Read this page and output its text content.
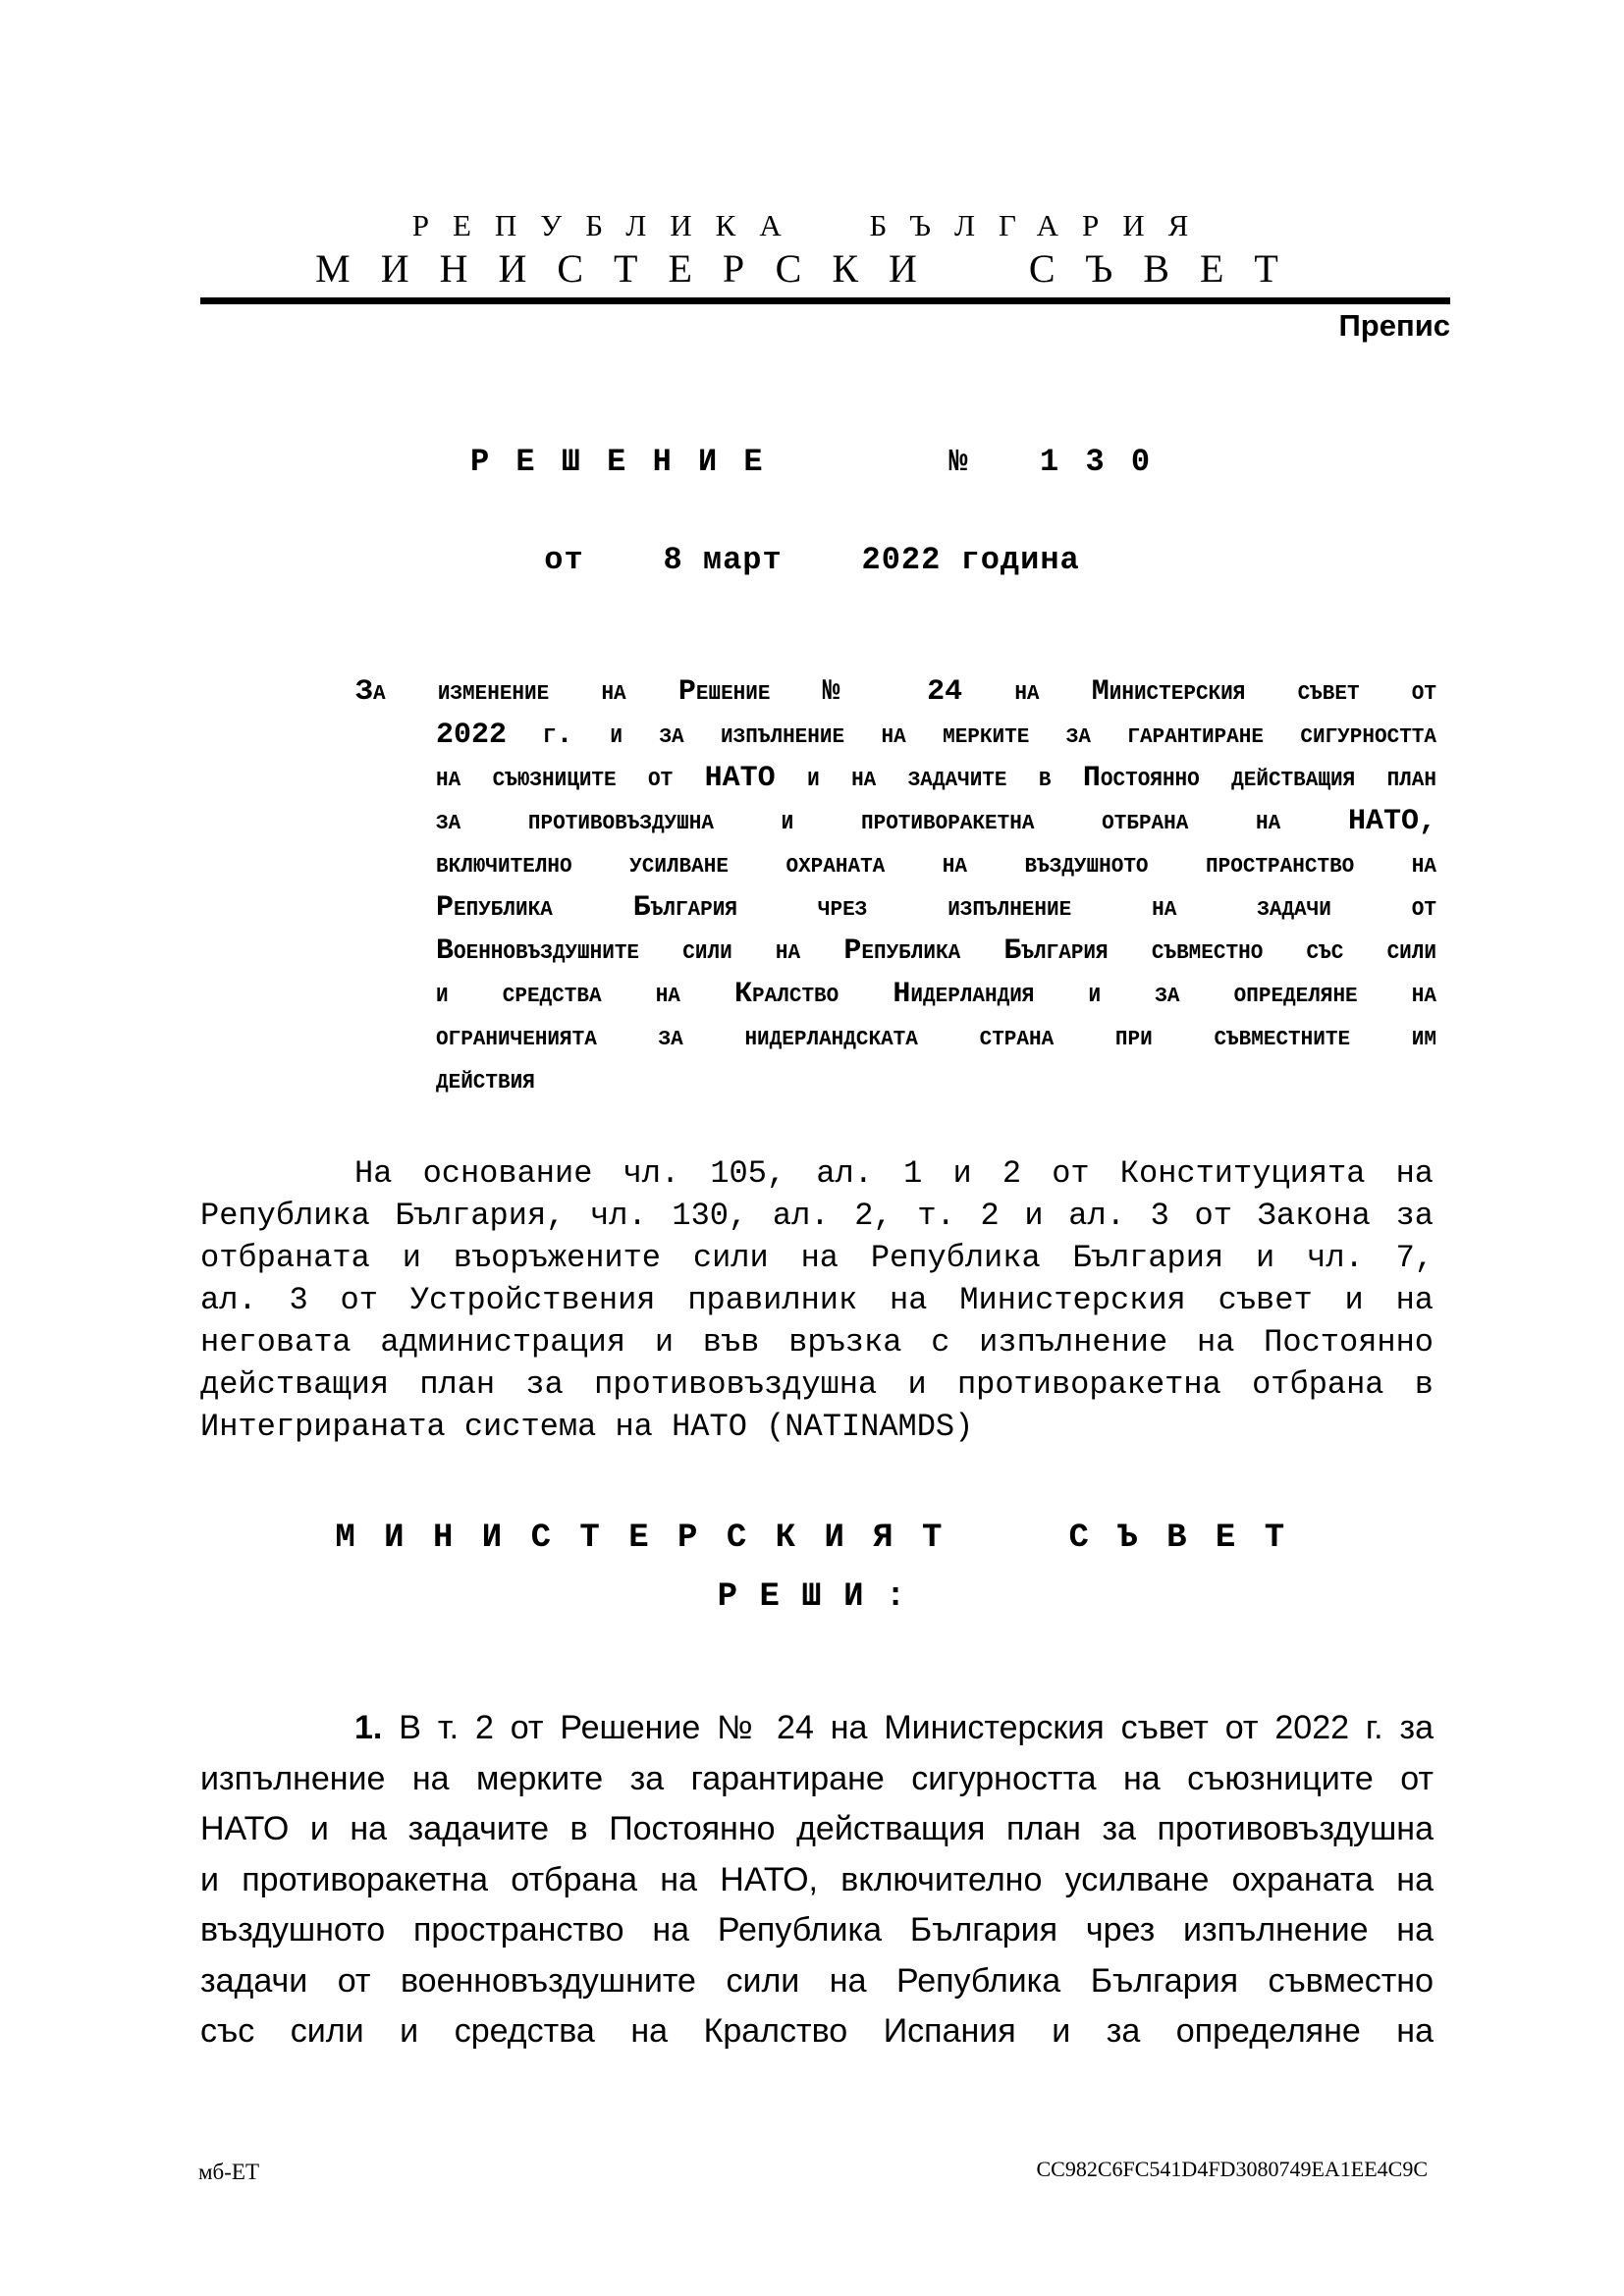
РЕПУБЛИКА БЪЛГАРИЯ
МИНИСТЕРСКИ СЪВЕТ
Препис
Р Е Ш Е Н И Е        №   1 3 0
от    8 март    2022 година
За изменение на Решение № 24 на Министерския съвет от
2022 г. и за изпълнение на мерките за гарантиране сигурността
на съюзниците от НАТО и на задачите в Постоянно действащия план
за противовъздушна и противоракетна отбрана на НАТО,
включително усилване охраната на въздушното пространство на
Република България чрез изпълнение на задачи от
Военновъздушните сили на Република България съвместно със сили
и средства на Кралство Нидерландия и за определяне на
ограниченията за нидерландската страна при съвместните им
действия
На основание чл. 105, ал. 1 и 2 от Конституцията на
Република България, чл. 130, ал. 2, т. 2 и ал. 3 от Закона за
отбраната и въоръжените сили на Република България и чл. 7,
ал. 3 от Устройствения правилник на Министерския съвет и на
неговата администрация и във връзка с изпълнение на Постоянно
действащия план за противовъздушна и противоракетна отбрана в
Интегрираната система на НАТО (NATINAMDS)
М И Н И С Т Е Р С К И Я Т     С Ъ В Е Т
Р Е Ш И :
1. В т. 2 от Решение № 24 на Министерския съвет от 2022 г. за
изпълнение на мерките за гарантиране сигурността на съюзниците от
НАТО и на задачите в Постоянно действащия план за противовъздушна
и противоракетна отбрана на НАТО, включително усилване охраната на
въздушното пространство на Република България чрез изпълнение на
задачи от военновъздушните сили на Република България съвместно
със сили и средства на Кралство Испания и за определяне на
мб-ЕТ	CC982C6FC541D4FD3080749EA1EE4C9C
